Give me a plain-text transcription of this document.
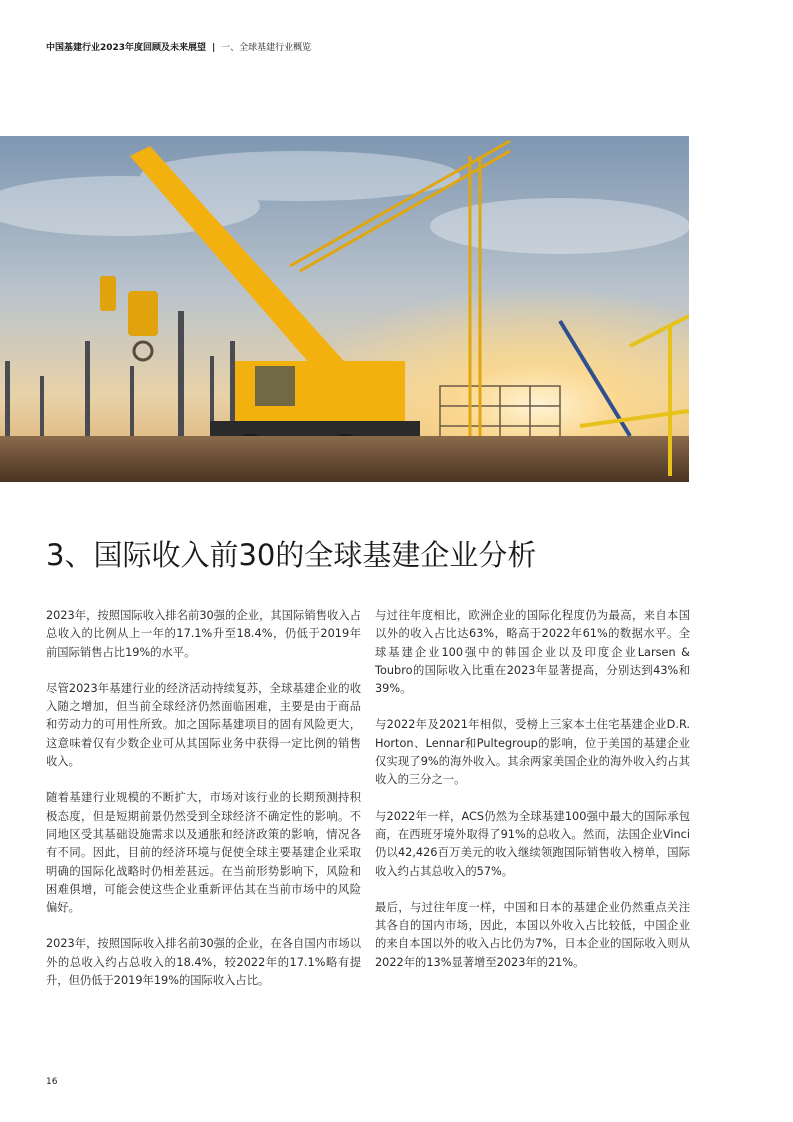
中国基建行业2023年度回顾及未来展望 | 一、全球基建行业概览
3、国际收入前30的全球基建企业分析

2023年，按照国际收入排名前30强的企业，其国际销售收入占总收入的比例从上一年的17.1%升至18.4%，仍低于2019年前国际销售占比19%的水平。

尽管2023年基建行业的经济活动持续复苏，全球基建企业的收入随之增加，但当前全球经济仍然面临困难，主要是由于商品和劳动力的可用性所致。加之国际基建项目的固有风险更大，这意味着仅有少数企业可从其国际业务中获得一定比例的销售收入。

随着基建行业规模的不断扩大，市场对该行业的长期预测持积极态度，但是短期前景仍然受到全球经济不确定性的影响。不同地区受其基础设施需求以及通胀和经济政策的影响，情况各有不同。因此，目前的经济环境与促使全球主要基建企业采取明确的国际化战略时仍相差甚远。在当前形势影响下，风险和困难俱增，可能会使这些企业重新评估其在当前市场中的风险偏好。

2023年，按照国际收入排名前30强的企业，在各自国内市场以外的总收入约占总收入的18.4%，较2022年的17.1%略有提升，但仍低于2019年19%的国际收入占比。

与过往年度相比，欧洲企业的国际化程度仍为最高，来自本国以外的收入占比达63%，略高于2022年61%的数据水平。全球基建企业100强中的韩国企业以及印度企业Larsen & Toubro的国际收入比重在2023年显著提高，分别达到43%和39%。

与2022年及2021年相似，受榜上三家本土住宅基建企业D.R. Horton、Lennar和Pultegroup的影响，位于美国的基建企业仅实现了9%的海外收入。其余两家美国企业的海外收入约占其收入的三分之一。

与2022年一样，ACS仍然为全球基建100强中最大的国际承包商，在西班牙境外取得了91%的总收入。然而，法国企业Vinci仍以42,426百万美元的收入继续领跑国际销售收入榜单，国际收入约占其总收入的57%。

最后，与过往年度一样，中国和日本的基建企业仍然重点关注其各自的国内市场，因此，本国以外收入占比较低，中国企业的来自本国以外的收入占比仍为7%，日本企业的国际收入则从2022年的13%显著增至2023年的21%。

16
